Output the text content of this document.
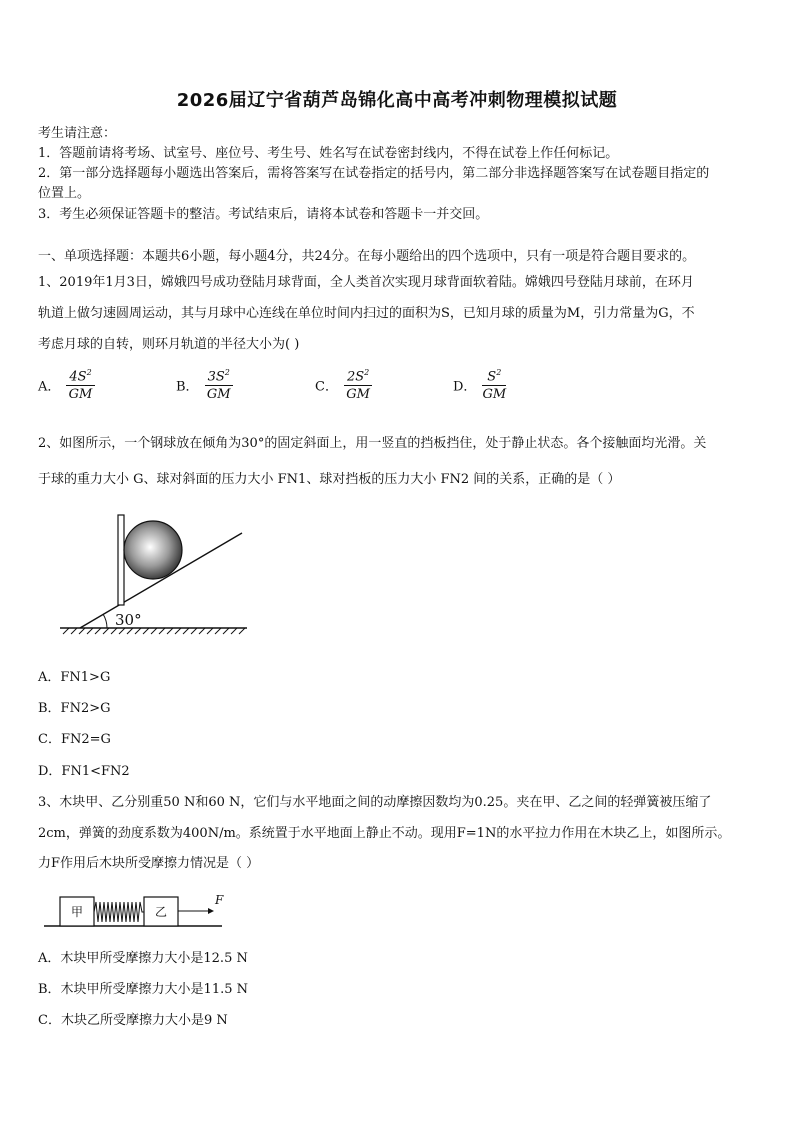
2026届辽宁省葫芦岛锦化高中高考冲刺物理模拟试题
考生请注意：
1．答题前请将考场、试室号、座位号、考生号、姓名写在试卷密封线内，不得在试卷上作任何标记。
2．第一部分选择题每小题选出答案后，需将答案写在试卷指定的括号内，第二部分非选择题答案写在试卷题目指定的
位置上。
3．考生必须保证答题卡的整洁。考试结束后，请将本试卷和答题卡一并交回。
一、单项选择题：本题共6小题，每小题4分，共24分。在每小题给出的四个选项中，只有一项是符合题目要求的。
1、2019年1月3日，嫦娥四号成功登陆月球背面，全人类首次实现月球背面软着陆。嫦娥四号登陆月球前，在环月
轨道上做匀速圆周运动，其与月球中心连线在单位时间内扫过的面积为S，已知月球的质量为M，引力常量为G，不
考虑月球的自转，则环月轨道的半径大小为( )
A． $\frac{4S^2}{GM}$	B． $\frac{3S^2}{GM}$	C． $\frac{2S^2}{GM}$	D． $\frac{S^2}{GM}$
2、如图所示，一个钢球放在倾角为30°的固定斜面上，用一竖直的挡板挡住，处于静止状态。各个接触面均光滑。关
于球的重力大小 G、球对斜面的压力大小 FN1、球对挡板的压力大小 FN2 间的关系，正确的是（ ）
30°
A．FN1>G
B．FN2>G
C．FN2=G
D．FN1<FN2
3、木块甲、乙分别重50 N和60 N，它们与水平地面之间的动摩擦因数均为0.25。夹在甲、乙之间的轻弹簧被压缩了
2cm，弹簧的劲度系数为400N/m。系统置于水平地面上静止不动。现用F=1N的水平拉力作用在木块乙上，如图所示。
力F作用后木块所受摩擦力情况是（ ）
甲	乙
F
A．木块甲所受摩擦力大小是12.5 N
B．木块甲所受摩擦力大小是11.5 N
C．木块乙所受摩擦力大小是9 N
